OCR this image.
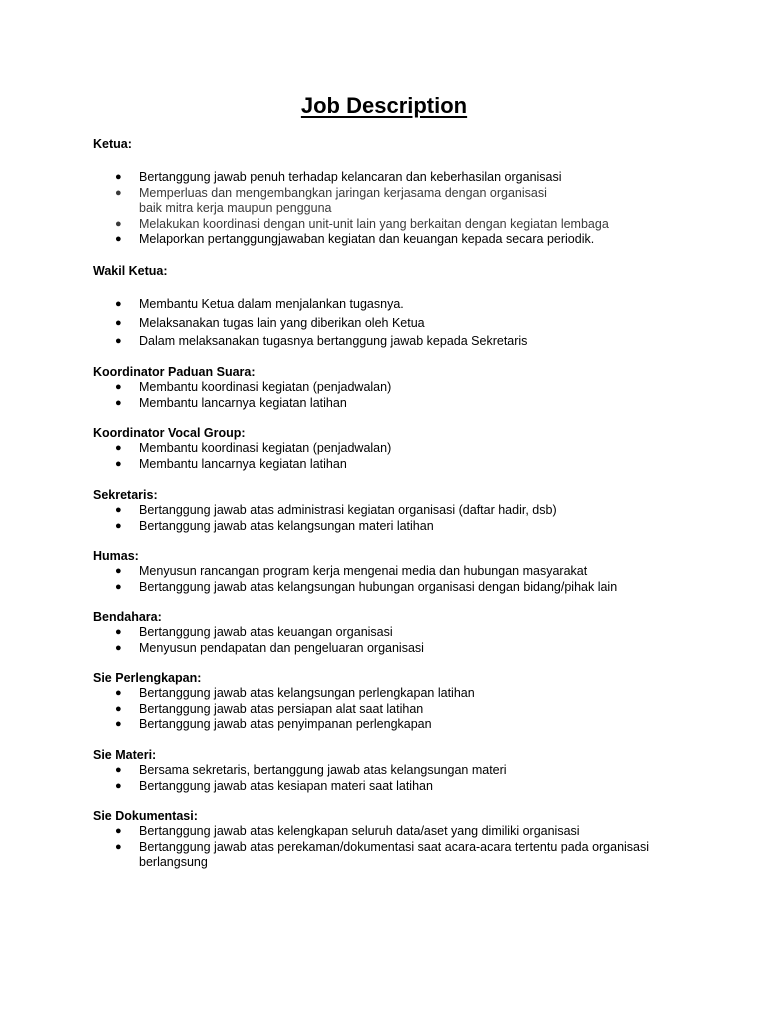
Job Description
Ketua:
● Bertanggung jawab penuh terhadap kelancaran dan keberhasilan organisasi
● Memperluas dan mengembangkan jaringan kerjasama dengan organisasi baik mitra kerja maupun pengguna
● Melakukan koordinasi dengan unit-unit lain yang berkaitan dengan kegiatan lembaga
● Melaporkan pertanggungjawaban kegiatan dan keuangan kepada secara periodik.
Wakil Ketua:
● Membantu Ketua dalam menjalankan tugasnya.
● Melaksanakan tugas lain yang diberikan oleh Ketua
● Dalam melaksanakan tugasnya bertanggung jawab kepada Sekretaris
Koordinator Paduan Suara:
● Membantu koordinasi kegiatan (penjadwalan)
● Membantu lancarnya kegiatan latihan
Koordinator Vocal Group:
● Membantu koordinasi kegiatan (penjadwalan)
● Membantu lancarnya kegiatan latihan
Sekretaris:
● Bertanggung jawab atas administrasi kegiatan organisasi (daftar hadir, dsb)
● Bertanggung jawab atas kelangsungan materi latihan
Humas:
● Menyusun rancangan program kerja mengenai media dan hubungan masyarakat
● Bertanggung jawab atas kelangsungan hubungan organisasi dengan bidang/pihak lain
Bendahara:
● Bertanggung jawab atas keuangan organisasi
● Menyusun pendapatan dan pengeluaran organisasi
Sie Perlengkapan:
● Bertanggung jawab atas kelangsungan perlengkapan latihan
● Bertanggung jawab atas persiapan alat saat latihan
● Bertanggung jawab atas penyimpanan perlengkapan
Sie Materi:
● Bersama sekretaris, bertanggung jawab atas kelangsungan materi
● Bertanggung jawab atas kesiapan materi saat latihan
Sie Dokumentasi:
● Bertanggung jawab atas kelengkapan seluruh data/aset yang dimiliki organisasi
● Bertanggung jawab atas perekaman/dokumentasi saat acara-acara tertentu pada organisasi berlangsung
